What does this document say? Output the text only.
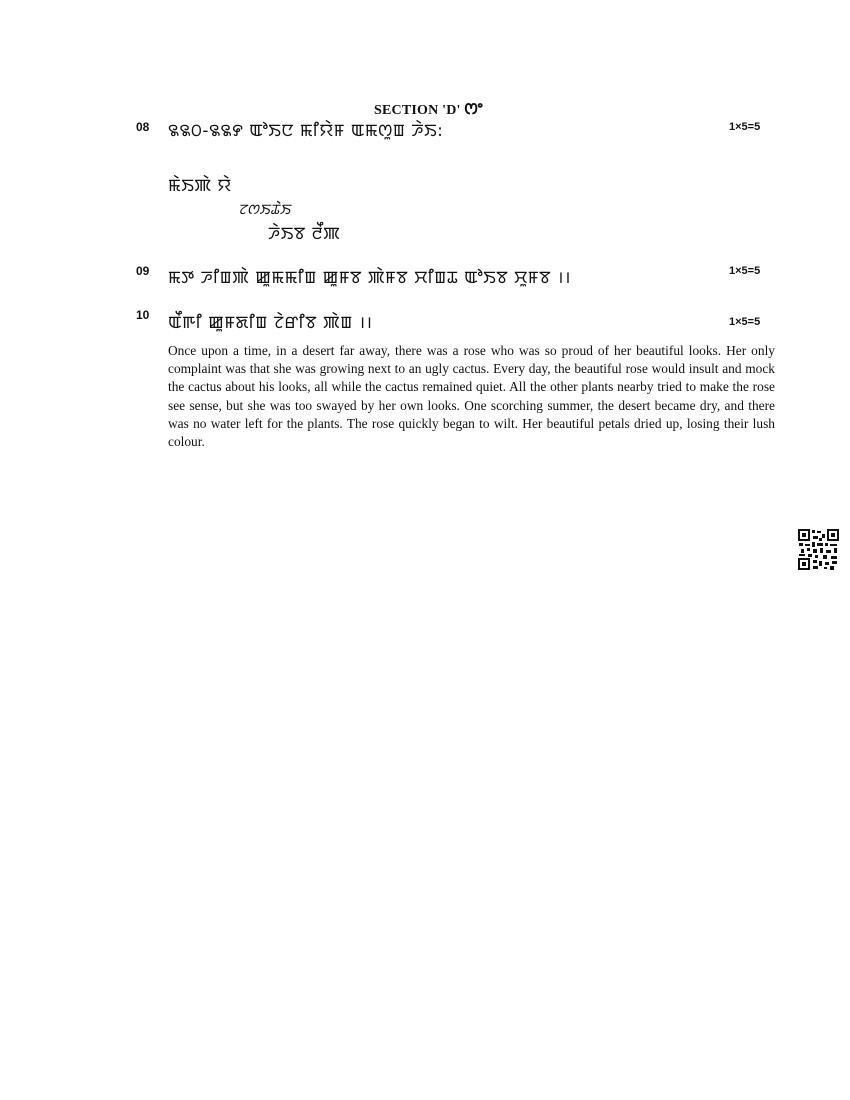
SECTION 'D' ꯁꯦ
08 ꯲꯲꯰-꯲꯲꯸ ꯑꯣꯏꯅ ꯃꯤꯌꯥꯝ ꯑꯃꯁꯨꯡ ꯍꯥꯏ:	1×5=5
ꯃꯥꯏꯄꯥ ꯌꯥ
ꯖꯁꯏꯊꯥꯏ
ꯍꯥꯏꯕ ꯂꯩꯄ
09 ꯃꯇ ꯍꯤꯡꯄꯥ ꯀꯨꯃꯃꯤꯡ ꯀꯨꯝꯕ ꯄꯥꯝꯕ ꯆꯤꯡꯊ ꯑꯣꯏꯕ ꯆꯨꯝꯕ ।।	1×5=5
10 ꯑꯩꯒꯤ ꯀꯨꯝꯗꯤꯡ ꯖꯥꯔꯤꯕ ꯄꯥꯡ ।।	1×5=5
Once upon a time, in a desert far away, there was a rose who was so proud of her beautiful looks. Her only complaint was that she was growing next to an ugly cactus. Every day, the beautiful rose would insult and mock the cactus about his looks, all while the cactus remained quiet. All the other plants nearby tried to make the rose see sense, but she was too swayed by her own looks. One scorching summer, the desert became dry, and there was no water left for the plants. The rose quickly began to wilt. Her beautiful petals dried up, losing their lush colour.
